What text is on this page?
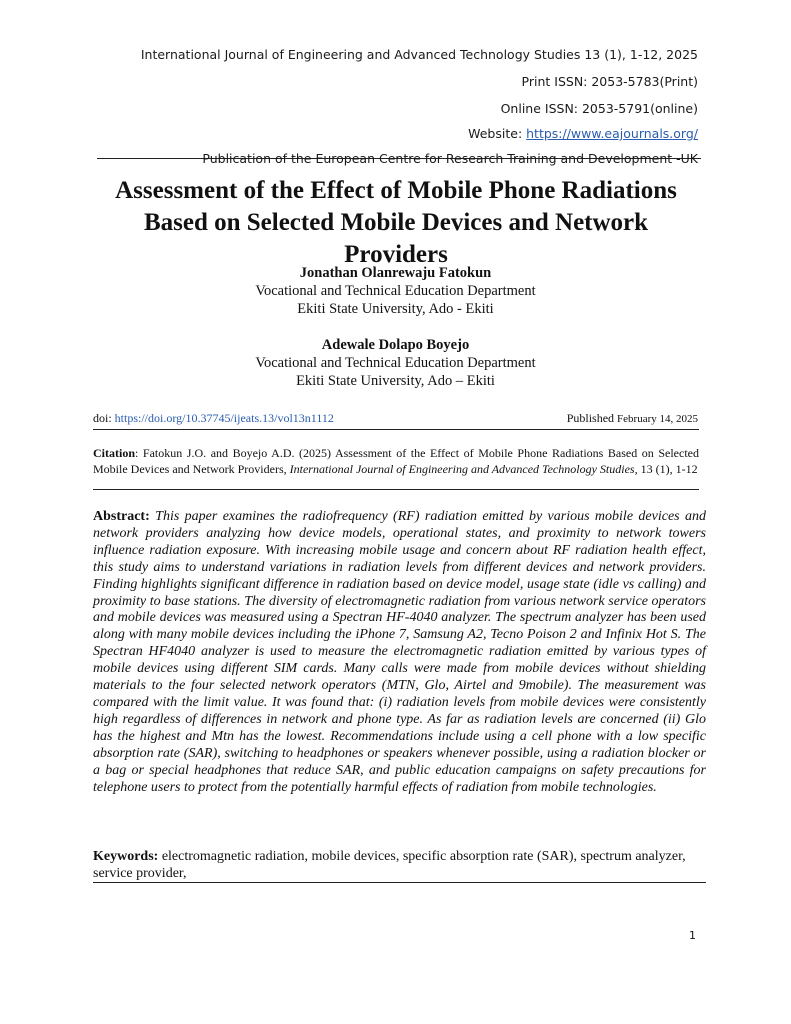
International Journal of Engineering and Advanced Technology Studies 13 (1), 1-12, 2025
Print ISSN: 2053-5783(Print)
Online ISSN: 2053-5791(online)
Website: https://www.eajournals.org/
Publication of the European Centre for Research Training and Development -UK
Assessment of the Effect of Mobile Phone Radiations Based on Selected Mobile Devices and Network Providers
Jonathan Olanrewaju Fatokun
Vocational and Technical Education Department
Ekiti State University, Ado - Ekiti
Adewale Dolapo Boyejo
Vocational and Technical Education Department
Ekiti State University, Ado – Ekiti
doi: https://doi.org/10.37745/ijeats.13/vol13n1112	Published February 14, 2025
Citation: Fatokun J.O. and Boyejo A.D. (2025) Assessment of the Effect of Mobile Phone Radiations Based on Selected Mobile Devices and Network Providers, International Journal of Engineering and Advanced Technology Studies, 13 (1), 1-12

Abstract: This paper examines the radiofrequency (RF) radiation emitted by various mobile devices and network providers analyzing how device models, operational states, and proximity to network towers influence radiation exposure. With increasing mobile usage and concern about RF radiation health effect, this study aims to understand variations in radiation levels from different devices and network providers. Finding highlights significant difference in radiation based on device model, usage state (idle vs calling) and proximity to base stations. The diversity of electromagnetic radiation from various network service operators and mobile devices was measured using a Spectran HF-4040 analyzer. The spectrum analyzer has been used along with many mobile devices including the iPhone 7, Samsung A2, Tecno Poison 2 and Infinix Hot S. The Spectran HF4040 analyzer is used to measure the electromagnetic radiation emitted by various types of mobile devices using different SIM cards. Many calls were made from mobile devices without shielding materials to the four selected network operators (MTN, Glo, Airtel and 9mobile). The measurement was compared with the limit value. It was found that: (i) radiation levels from mobile devices were consistently high regardless of differences in network and phone type. As far as radiation levels are concerned (ii) Glo has the highest and Mtn has the lowest. Recommendations include using a cell phone with a low specific absorption rate (SAR), switching to headphones or speakers whenever possible, using a radiation blocker or a bag or special headphones that reduce SAR, and public education campaigns on safety precautions for telephone users to protect from the potentially harmful effects of radiation from mobile technologies.

Keywords: electromagnetic radiation, mobile devices, specific absorption rate (SAR), spectrum analyzer, service provider,

1
